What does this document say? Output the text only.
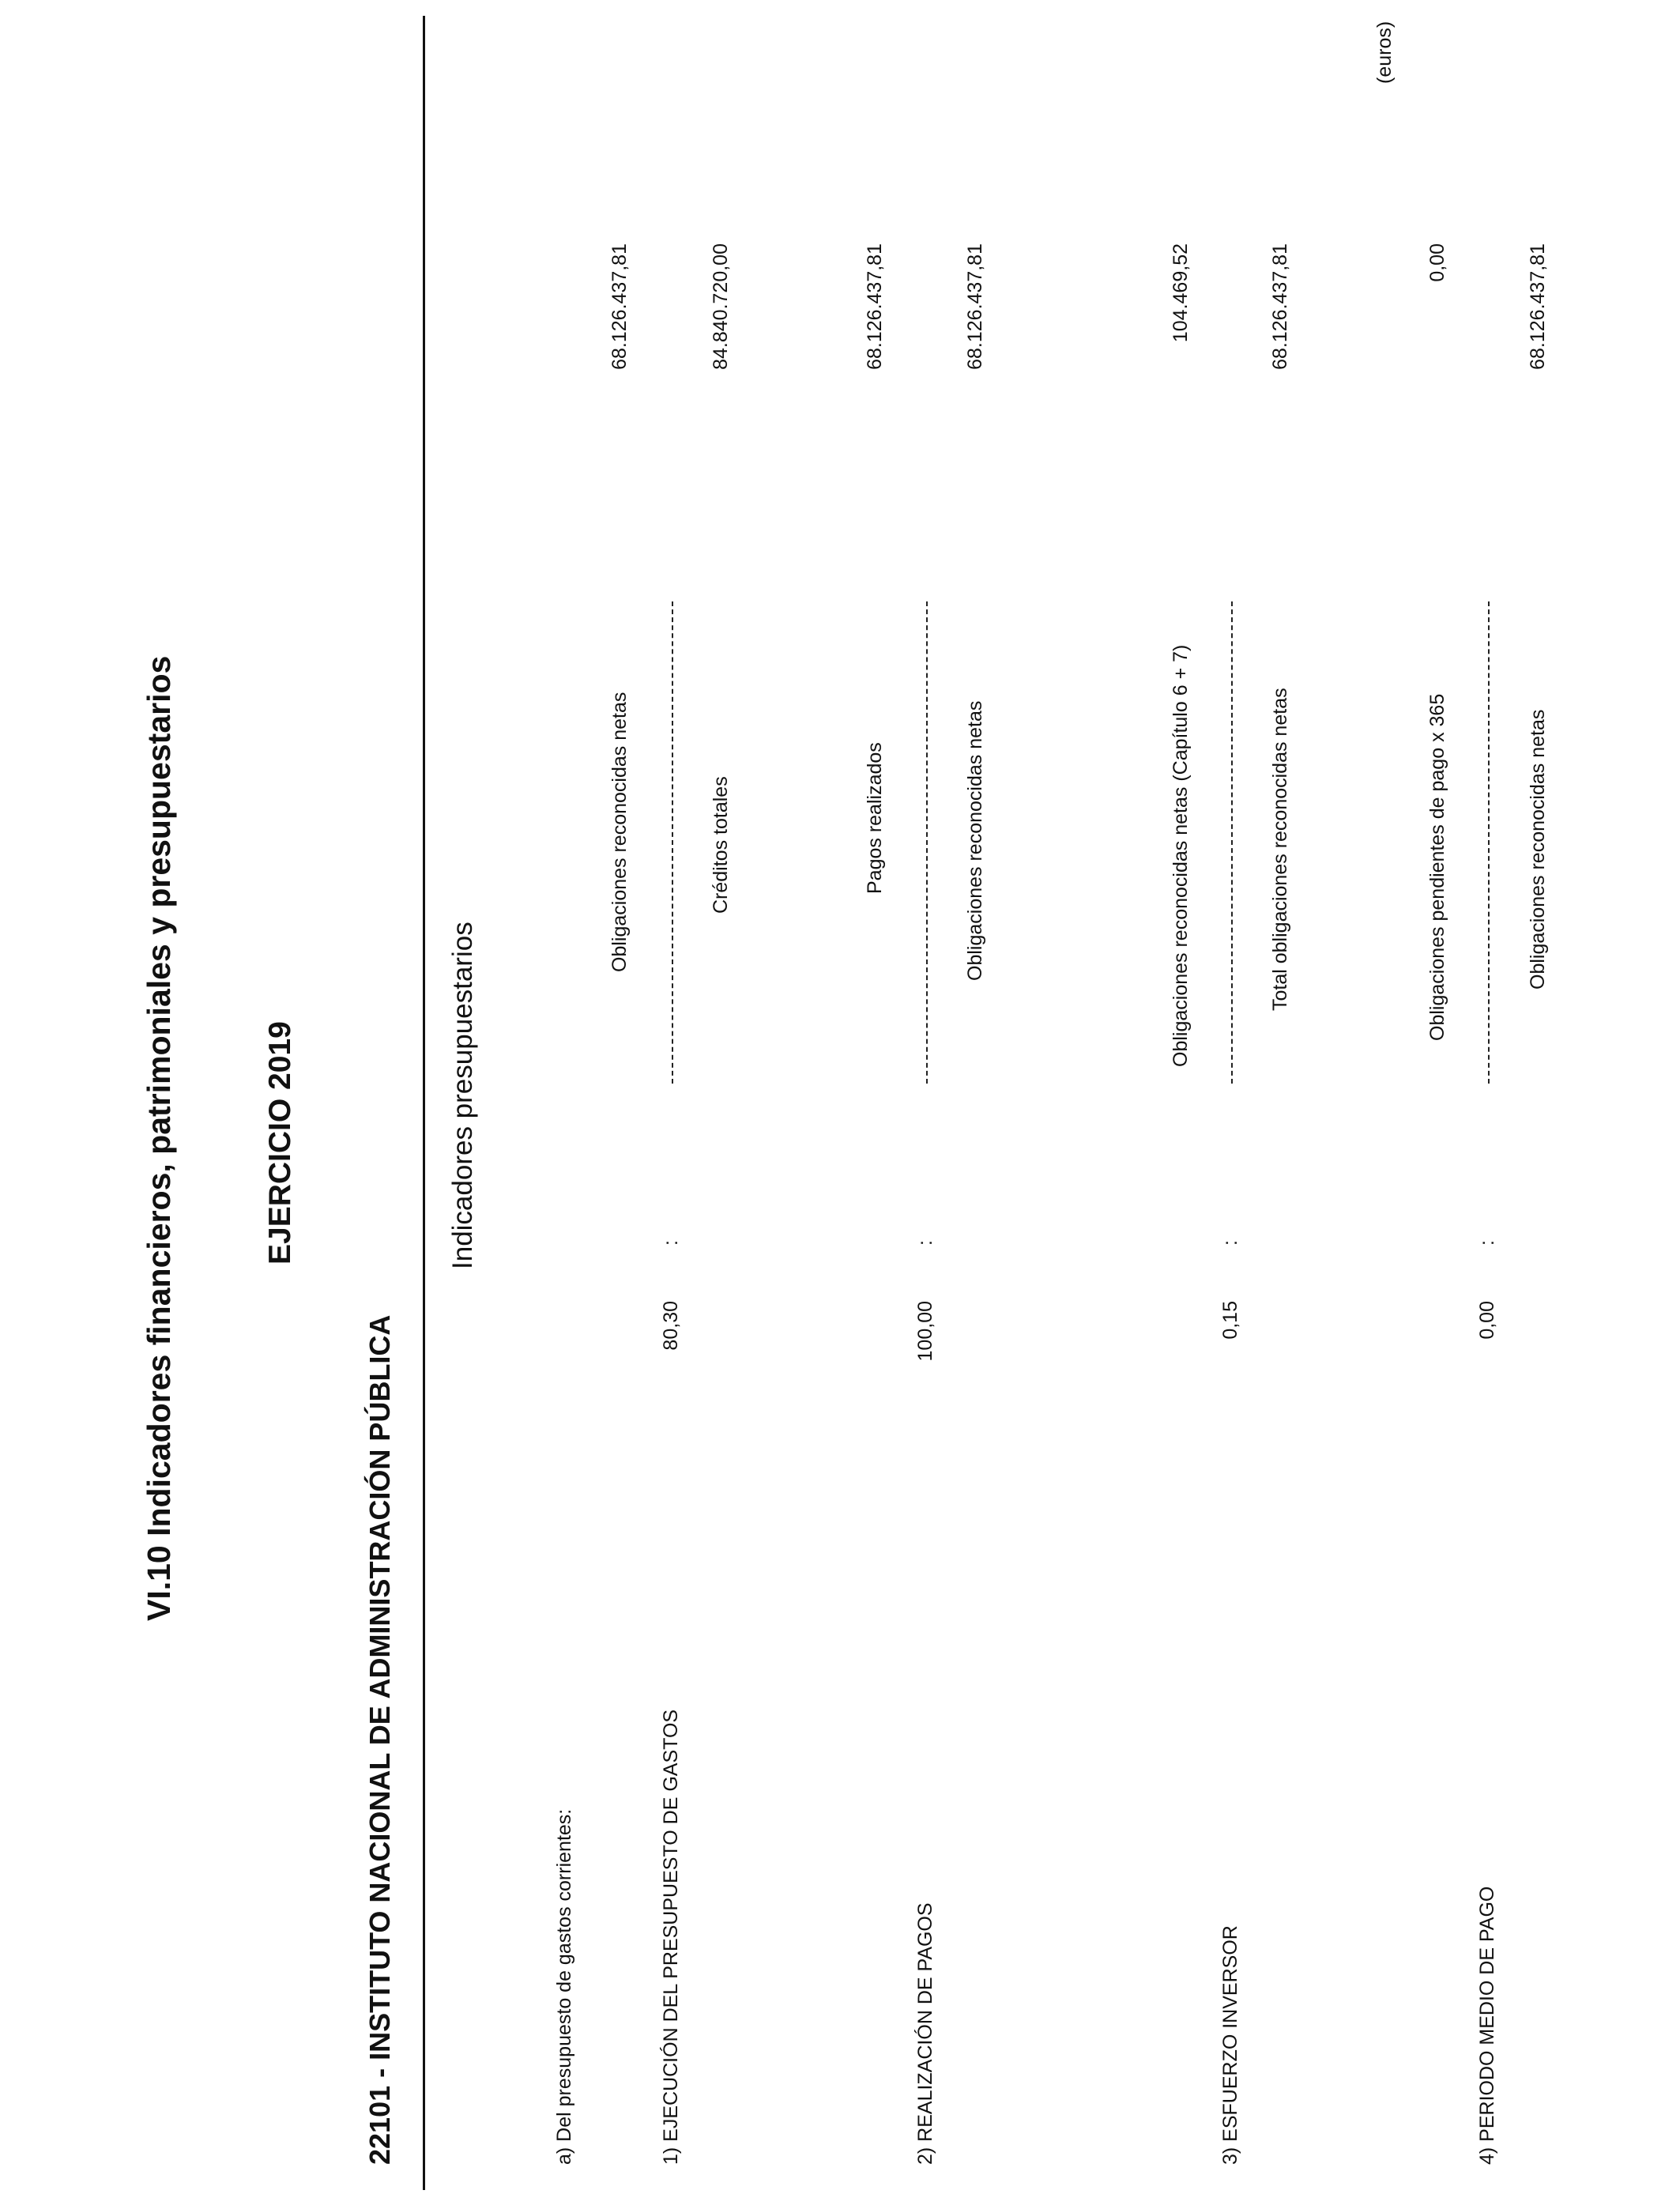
VI.10 Indicadores financieros, patrimoniales y presupuestarios	EJERCICIO 2019
22101 - INSTITUTO NACIONAL DE ADMINISTRACIÓN PÚBLICA
(euros)
Indicadores presupuestarios
a) Del presupuesto de gastos corrientes:	1) EJECUCIÓN DEL PRESUPUESTO DE GASTOS
Obligaciones reconocidas netas
68.126.437,81
80,30
:
Créditos totales
84.840.720,00
2) REALIZACIÓN DE PAGOS
Pagos realizados
68.126.437,81
100,00
:
Obligaciones reconocidas netas
68.126.437,81
3) ESFUERZO INVERSOR
Obligaciones reconocidas netas (Capítulo 6 + 7)
104.469,52
0,15
:
Total obligaciones reconocidas netas
68.126.437,81
4) PERIODO MEDIO DE PAGO
Obligaciones pendientes de pago x 365
0,00
0,00
:
Obligaciones reconocidas netas
68.126.437,81
